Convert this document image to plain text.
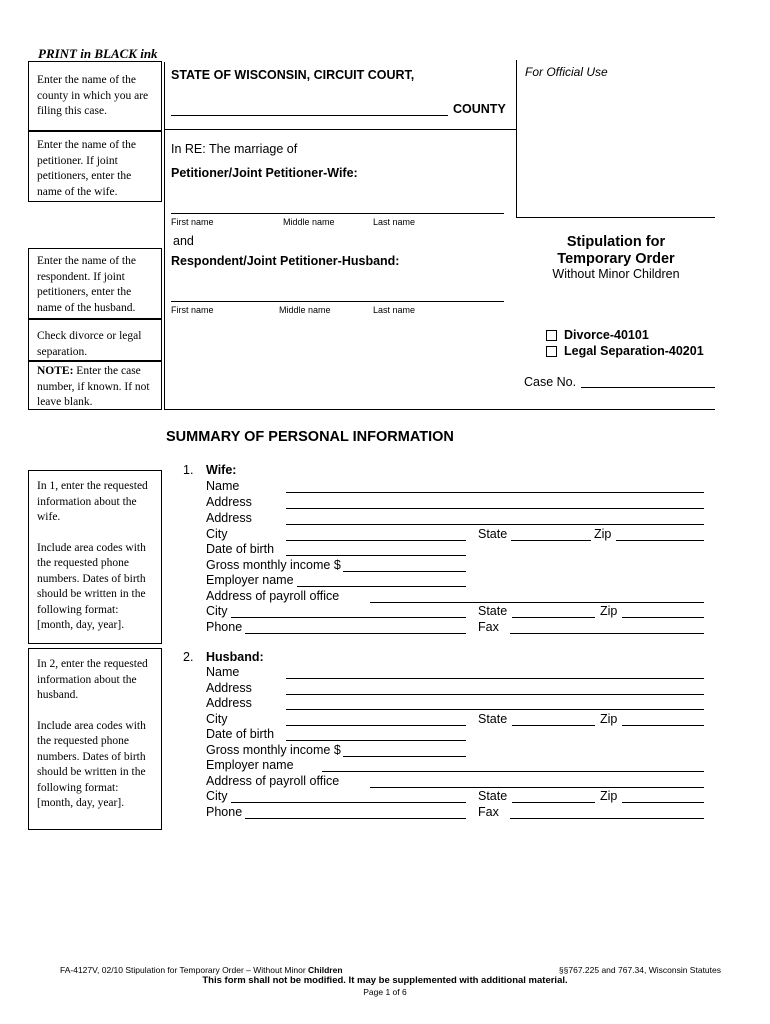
PRINT in BLACK ink
Enter the name of the county in which you are filing this case.
Enter the name of the petitioner. If joint petitioners, enter the name of the wife.
Enter the name of the respondent. If joint petitioners, enter the name of the husband.
Check divorce or legal separation.
NOTE: Enter the case number, if known. If not leave blank.
STATE OF WISCONSIN, CIRCUIT COURT,	For Official Use
COUNTY
In RE: The marriage of
Petitioner/Joint Petitioner-Wife:
First name	Middle name	Last name
and
Respondent/Joint Petitioner-Husband:
First name	Middle name	Last name
Stipulation for
Temporary Order
Without Minor Children
Divorce-40101
Legal Separation-40201
Case No.
SUMMARY OF PERSONAL INFORMATION
In 1, enter the requested information about the wife.
Include area codes with the requested phone numbers. Dates of birth should be written in the following format: [month, day, year].
In 2, enter the requested information about the husband.
Include area codes with the requested phone numbers. Dates of birth should be written in the following format: [month, day, year].
1. Wife:
Name
Address
Address
City	State	Zip
Date of birth
Gross monthly income $
Employer name
Address of payroll office
City	State	Zip
Phone	Fax
2. Husband:
Name
Address
Address
City	State	Zip
Date of birth
Gross monthly income $
Employer name
Address of payroll office
City	State	Zip
Phone	Fax
FA-4127V, 02/10 Stipulation for Temporary Order – Without Minor Children	§§767.225 and 767.34, Wisconsin Statutes
This form shall not be modified. It may be supplemented with additional material.
Page 1 of 6
